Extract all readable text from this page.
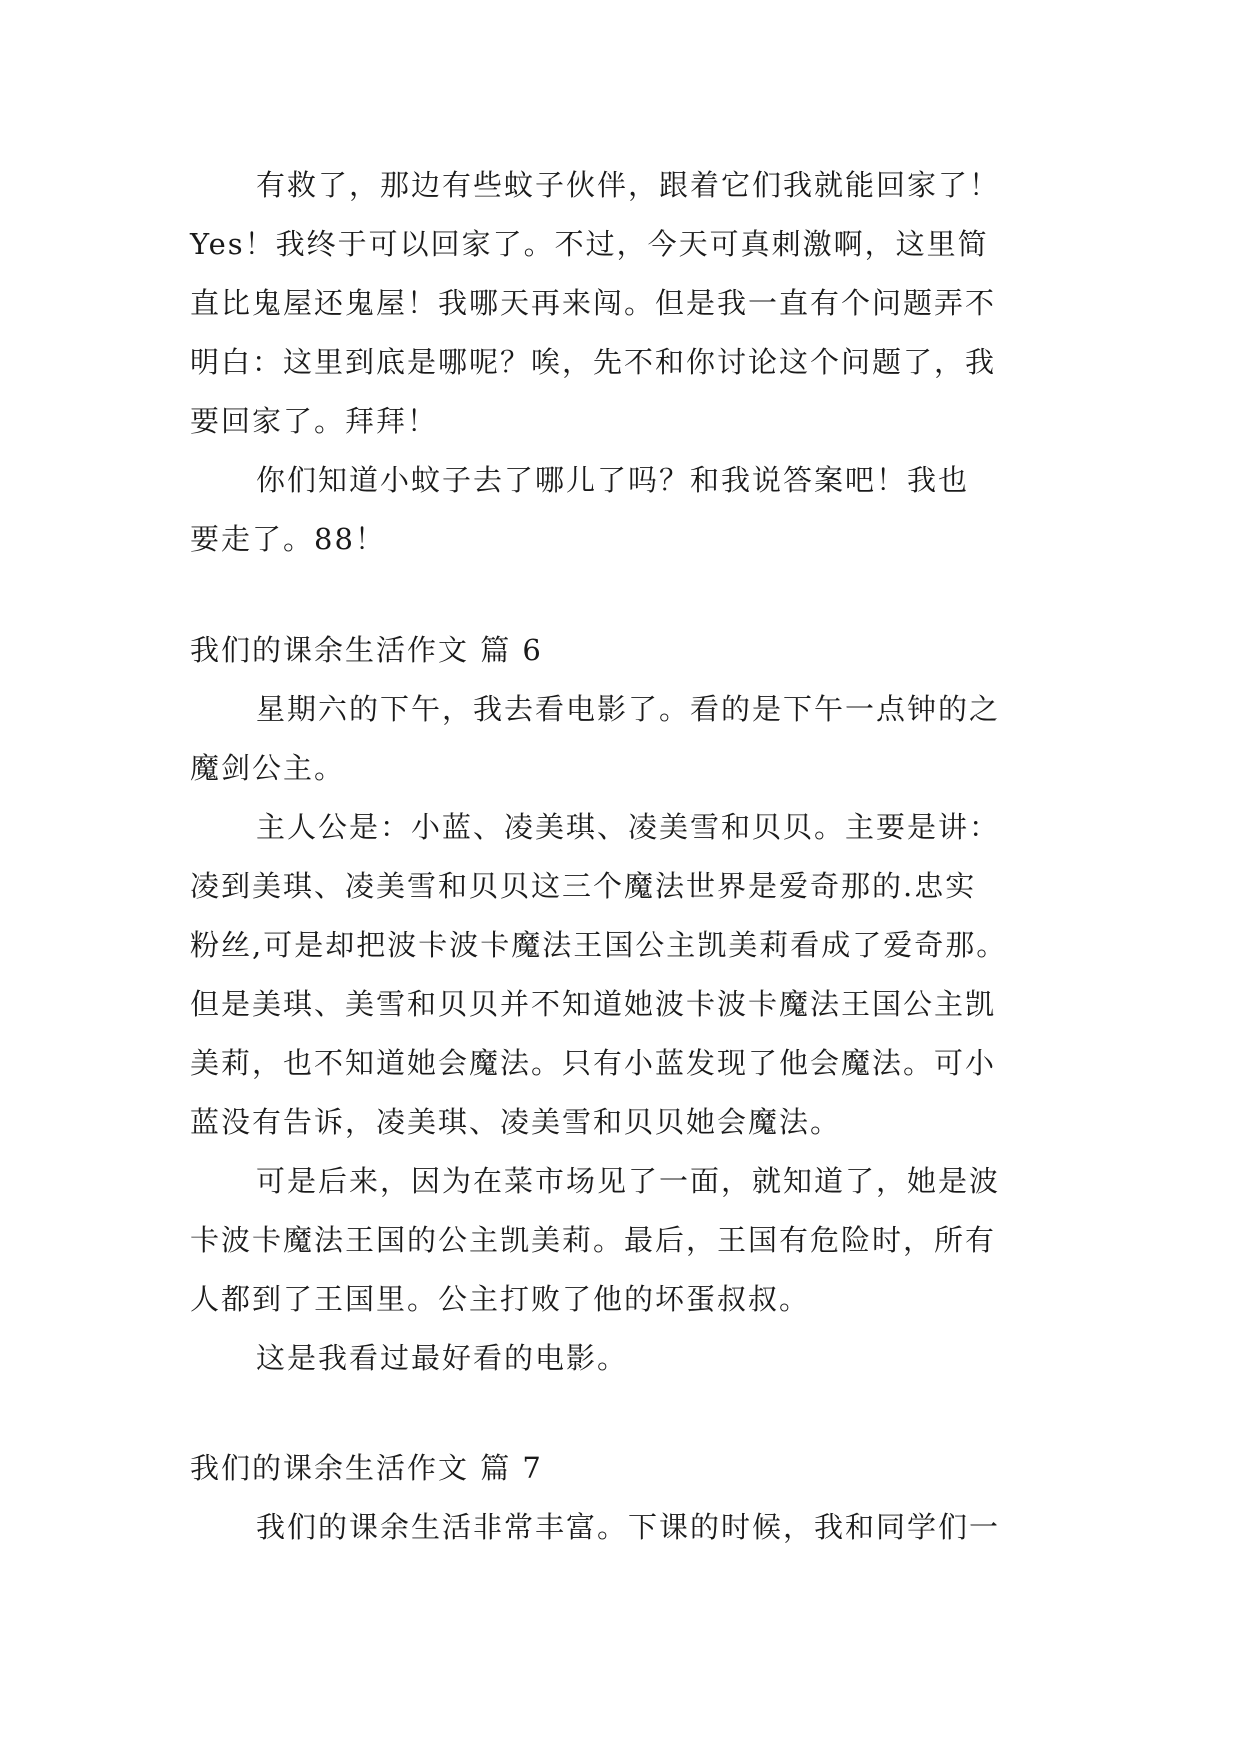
有救了，那边有些蚊子伙伴，跟着它们我就能回家了！
Yes！我终于可以回家了。不过，今天可真刺激啊，这里简
直比鬼屋还鬼屋！我哪天再来闯。但是我一直有个问题弄不
明白：这里到底是哪呢？唉，先不和你讨论这个问题了，我
要回家了。拜拜！
你们知道小蚊子去了哪儿了吗？和我说答案吧！我也
要走了。88！
我们的课余生活作文 篇 6
星期六的下午，我去看电影了。看的是下午一点钟的之
魔剑公主。
主人公是：小蓝、凌美琪、凌美雪和贝贝。主要是讲：
凌到美琪、凌美雪和贝贝这三个魔法世界是爱奇那的.忠实
粉丝,可是却把波卡波卡魔法王国公主凯美莉看成了爱奇那。
但是美琪、美雪和贝贝并不知道她波卡波卡魔法王国公主凯
美莉，也不知道她会魔法。只有小蓝发现了他会魔法。可小
蓝没有告诉，凌美琪、凌美雪和贝贝她会魔法。
可是后来，因为在菜市场见了一面，就知道了，她是波
卡波卡魔法王国的公主凯美莉。最后，王国有危险时，所有
人都到了王国里。公主打败了他的坏蛋叔叔。
这是我看过最好看的电影。
我们的课余生活作文 篇 7
我们的课余生活非常丰富。下课的时候，我和同学们一
